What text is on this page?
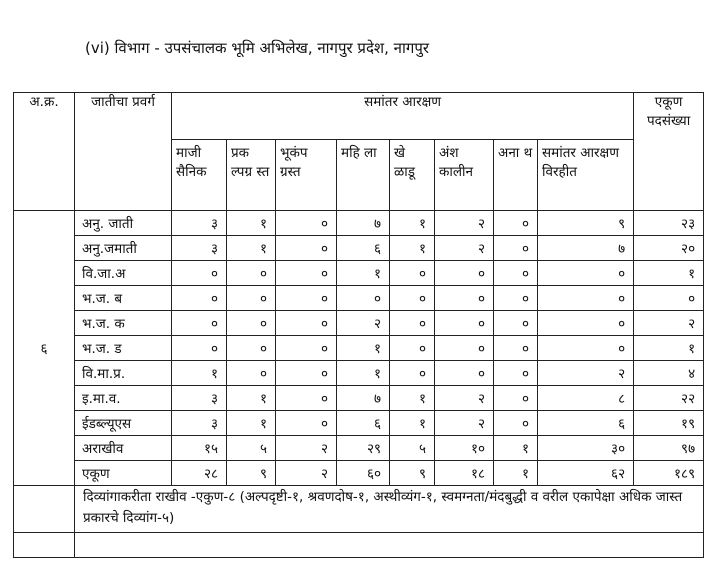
(vi) विभाग - उपसंचालक भूमि अभिलेख, नागपुर प्रदेश, नागपुर
अ.क्र.	जातीचा प्रवर्ग	समांतर आरक्षण								एकूण पदसंख्या
		माजी सैनिक	प्रक ल्पग्र स्त	भूकंप ग्रस्त	महि ला	खे ळाडू	अंश कालीन	अना थ	समांतर आरक्षण विरहीत	
६	अनु. जाती	३	१	०	७	१	२	०	९	२३
	अनु.जमाती	३	१	०	६	१	२	०	७	२०
	वि.जा.अ	०	०	०	१	०	०	०	०	१
	भ.ज. ब	०	०	०	०	०	०	०	०	०
	भ.ज. क	०	०	०	२	०	०	०	०	२
	भ.ज. ड	०	०	०	१	०	०	०	०	१
	वि.मा.प्र.	१	०	०	१	०	०	०	२	४
	इ.मा.व.	३	१	०	७	१	२	०	८	२२
	ईडब्ल्यूएस	३	१	०	६	१	२	०	६	१९
	अराखीव	१५	५	२	२९	५	१०	१	३०	९७
	एकूण	२८	९	२	६०	९	१८	१	६२	१८९
	दिव्यांगाकरीता राखीव -एकुण-८ (अल्पदृष्टी-१, श्रवणदोष-१, अस्थीव्यंग-१, स्वमग्नता/मंदबुद्धी व वरील एकापेक्षा अधिक जास्त प्रकारचे दिव्यांग-५)									
